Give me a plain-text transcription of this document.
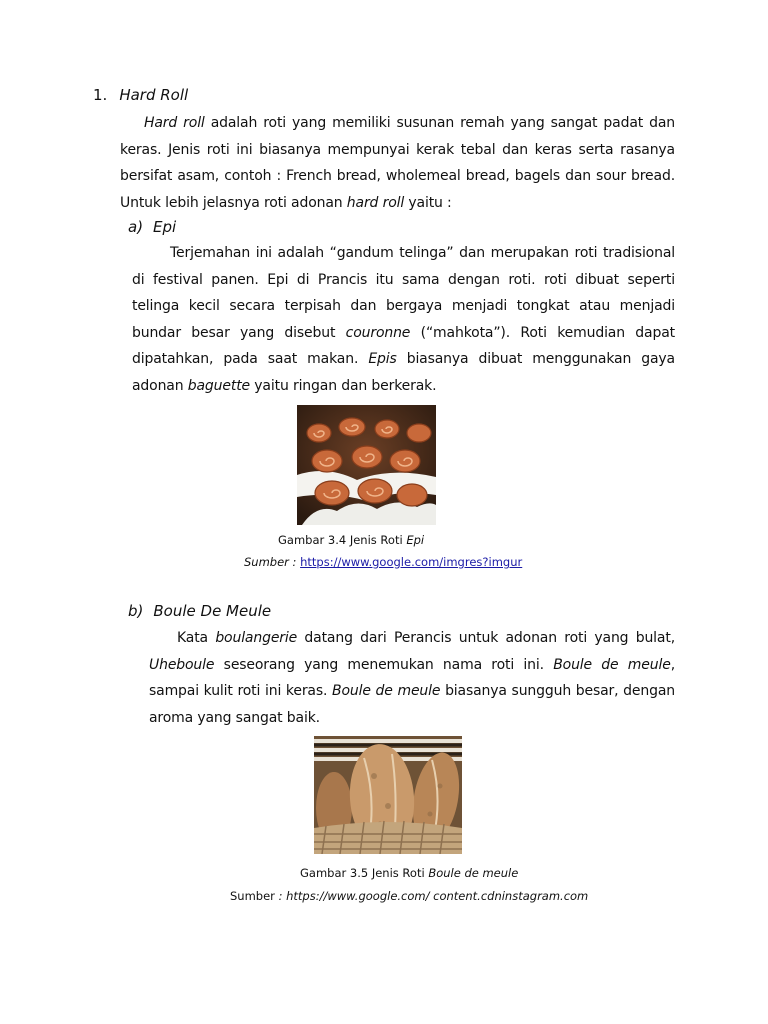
1. Hard Roll
Hard roll adalah roti yang memiliki susunan remah yang sangat padat dan keras. Jenis roti ini biasanya mempunyai kerak tebal dan keras serta rasanya bersifat asam, contoh : French bread, wholemeal bread, bagels dan sour bread. Untuk lebih jelasnya roti adonan hard roll yaitu :
a) Epi
Terjemahan ini adalah “gandum telinga” dan merupakan roti tradisional di festival panen. Epi di Prancis itu sama dengan roti. roti dibuat seperti telinga kecil secara terpisah dan bergaya menjadi tongkat atau menjadi bundar besar yang disebut couronne (“mahkota”). Roti kemudian dapat dipatahkan, pada saat makan. Epis biasanya dibuat menggunakan gaya adonan baguette yaitu ringan dan berkerak.
Gambar 3.4 Jenis Roti Epi
Sumber : https://www.google.com/imgres?imgur
b) Boule De Meule
Kata boulangerie datang dari Perancis untuk adonan roti yang bulat, Uheboule seseorang yang menemukan nama roti ini. Boule de meule, sampai kulit roti ini keras. Boule de meule biasanya sungguh besar, dengan aroma yang sangat baik.
Gambar 3.5 Jenis Roti Boule de meule
Sumber : https://www.google.com/ content.cdninstagram.com
